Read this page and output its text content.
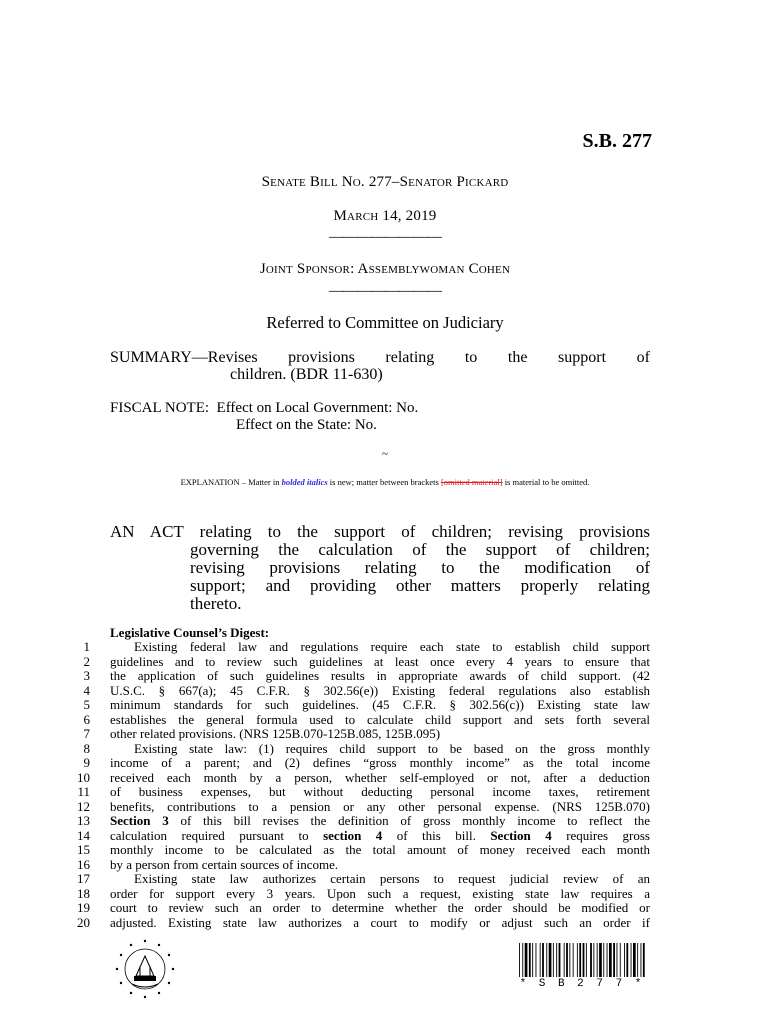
S.B. 277
Senate Bill No. 277–Senator Pickard
March 14, 2019
————————
Joint Sponsor: Assemblywoman Cohen
————————
Referred to Committee on Judiciary
SUMMARY—Revises provisions relating to the support of
children. (BDR 11-630)
FISCAL NOTE:  Effect on Local Government: No.
Effect on the State: No.
~
EXPLANATION – Matter in bolded italics is new; matter between brackets [omitted material] is material to be omitted.

AN ACT relating to the support of children; revising provisions

governing the calculation of the support of children;

revising provisions relating to the modification of

support; and providing other matters properly relating

thereto.

Legislative Counsel’s Digest:
1	Existing federal law and regulations require each state to establish child support
2 guidelines and to review such guidelines at least once every 4 years to ensure that
3 the application of such guidelines results in appropriate awards of child support. (42
4 U.S.C. § 667(a); 45 C.F.R. § 302.56(e)) Existing federal regulations also establish
5 minimum standards for such guidelines. (45 C.F.R. § 302.56(c)) Existing state law
6 establishes the general formula used to calculate child support and sets forth several
7 other related provisions. (NRS 125B.070-125B.085, 125B.095)
8	Existing state law: (1) requires child support to be based on the gross monthly
9 income of a parent; and (2) defines “gross monthly income” as the total income
10 received each month by a person, whether self-employed or not, after a deduction
11 of business expenses, but without deducting personal income taxes, retirement
12 benefits, contributions to a pension or any other personal expense. (NRS 125B.070)
13 Section 3 of this bill revises the definition of gross monthly income to reflect the
14 calculation required pursuant to section 4 of this bill. Section 4 requires gross
15 monthly income to be calculated as the total amount of money received each month
16 by a person from certain sources of income.
17	Existing state law authorizes certain persons to request judicial review of an
18 order for support every 3 years. Upon such a request, existing state law requires a
19 court to review such an order to determine whether the order should be modified or
20 adjusted. Existing state law authorizes a court to modify or adjust such an order if
* S B 2 7 7 *
